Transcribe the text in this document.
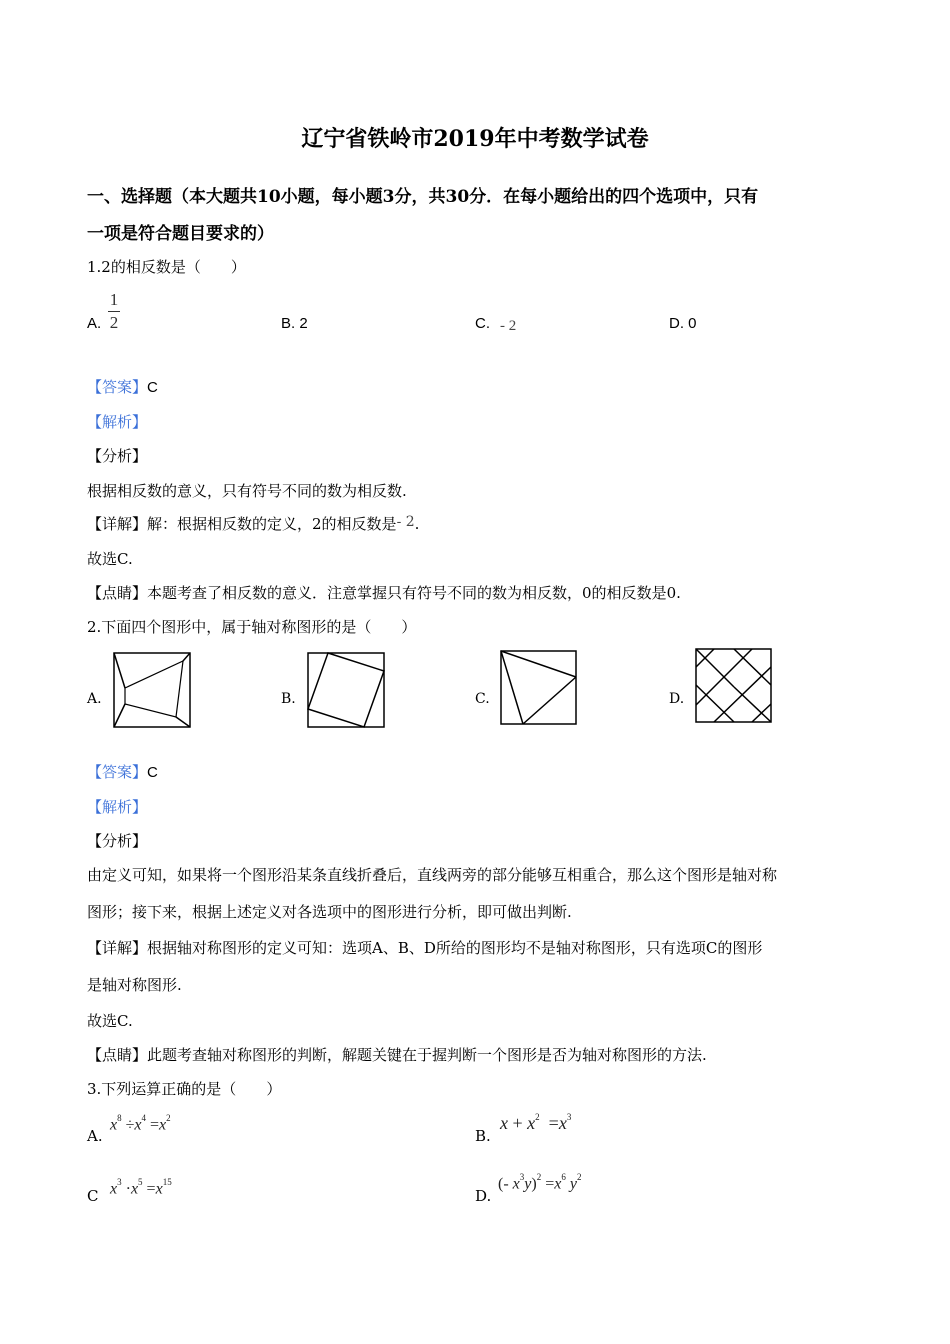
辽宁省铁岭市2019年中考数学试卷
一、选择题（本大题共10小题，每小题3分，共30分．在每小题给出的四个选项中，只有
一项是符合题目要求的）
1.2的相反数是（　　）
A. $\frac{1}{2}$	B. 2	C. - 2	D. 0
【答案】C
【解析】
【分析】
根据相反数的意义，只有符号不同的数为相反数.
【详解】解：根据相反数的定义，2的相反数是- 2.
故选C.
【点睛】本题考查了相反数的意义．注意掌握只有符号不同的数为相反数，0的相反数是0.
2.下面四个图形中，属于轴对称图形的是（　　）
A.	B.	C.	D.
【答案】C
【解析】
【分析】
由定义可知，如果将一个图形沿某条直线折叠后，直线两旁的部分能够互相重合，那么这个图形是轴对称
图形；接下来，根据上述定义对各选项中的图形进行分析，即可做出判断.
【详解】根据轴对称图形的定义可知：选项A、B、D所给的图形均不是轴对称图形，只有选项C的图形
是轴对称图形.
故选C.
【点睛】此题考查轴对称图形的判断，解题关键在于握判断一个图形是否为轴对称图形的方法.
3.下列运算正确的是（　　）
A.
$x^8 \div x^4 =x^2$
B.
$x + x^2 =x^3$
C $x^3 \cdot x^5 =x^{15}$
D.
(- $x^3y)^2 =x^6$ $y^2$
